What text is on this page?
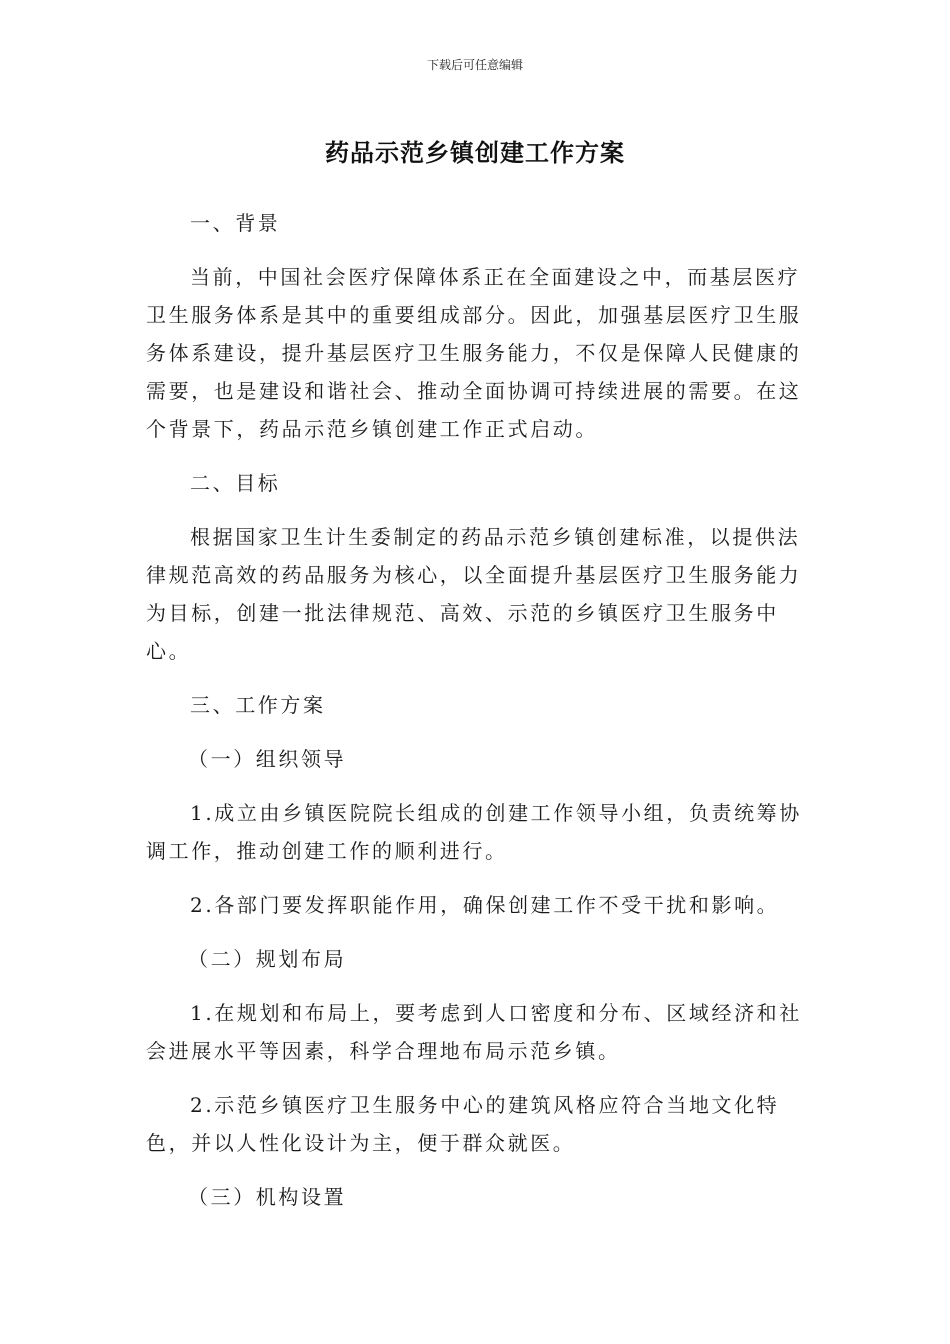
下载后可任意编辑
药品示范乡镇创建工作方案

一、背景

当前，中国社会医疗保障体系正在全面建设之中，而基层医疗卫生服务体系是其中的重要组成部分。因此，加强基层医疗卫生服务体系建设，提升基层医疗卫生服务能力，不仅是保障人民健康的需要，也是建设和谐社会、推动全面协调可持续进展的需要。在这个背景下，药品示范乡镇创建工作正式启动。

二、目标

根据国家卫生计生委制定的药品示范乡镇创建标准，以提供法律规范高效的药品服务为核心，以全面提升基层医疗卫生服务能力为目标，创建一批法律规范、高效、示范的乡镇医疗卫生服务中心。

三、工作方案

（一）组织领导

1.成立由乡镇医院院长组成的创建工作领导小组，负责统筹协调工作，推动创建工作的顺利进行。

2.各部门要发挥职能作用，确保创建工作不受干扰和影响。

（二）规划布局

1.在规划和布局上，要考虑到人口密度和分布、区域经济和社会进展水平等因素，科学合理地布局示范乡镇。

2.示范乡镇医疗卫生服务中心的建筑风格应符合当地文化特色，并以人性化设计为主，便于群众就医。

（三）机构设置
